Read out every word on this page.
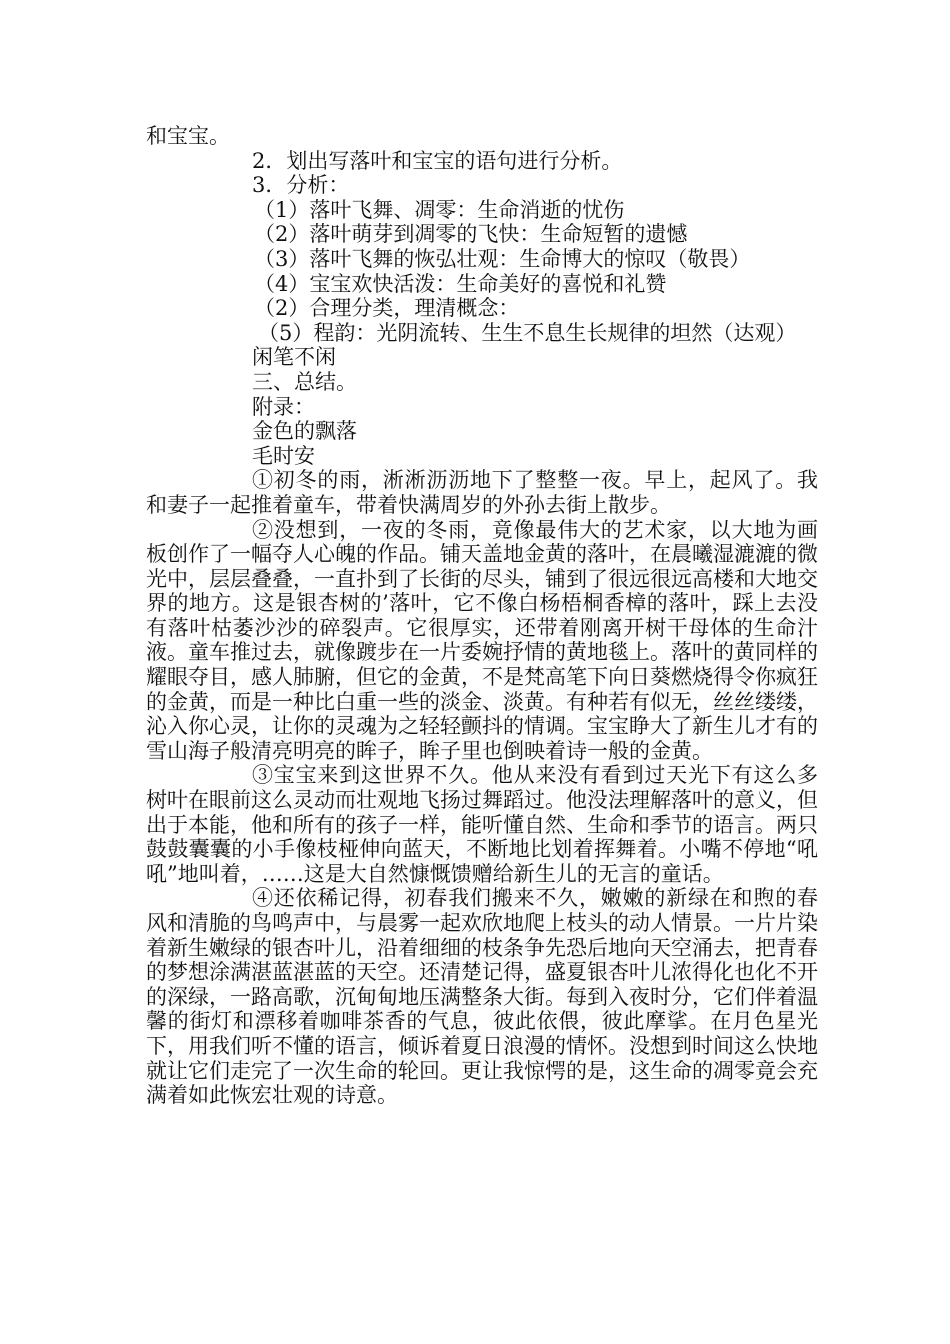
和宝宝。
2．划出写落叶和宝宝的语句进行分析。
3．分析：
（1）落叶飞舞、凋零：生命消逝的忧伤
（2）落叶萌芽到凋零的飞快：生命短暂的遗憾
（3）落叶飞舞的恢弘壮观：生命博大的惊叹（敬畏）
（4）宝宝欢快活泼：生命美好的喜悦和礼赞
（2）合理分类，理清概念：
（5）程韵：光阴流转、生生不息生长规律的坦然（达观）
闲笔不闲
三、总结。
附录：
金色的飘落
毛时安
①初冬的雨，淅淅沥沥地下了整整一夜。早上，起风了。我和妻子一起推着童车，带着快满周岁的外孙去街上散步。
②没想到，一夜的冬雨，竟像最伟大的艺术家，以大地为画板创作了一幅夺人心魄的作品。铺天盖地金黄的落叶，在晨曦湿漉漉的微光中，层层叠叠，一直扑到了长街的尽头，铺到了很远很远高楼和大地交界的地方。这是银杏树的’落叶，它不像白杨梧桐香樟的落叶，踩上去没有落叶枯萎沙沙的碎裂声。它很厚实，还带着刚离开树干母体的生命汁液。童车推过去，就像踱步在一片委婉抒情的黄地毯上。落叶的黄同样的耀眼夺目，感人肺腑，但它的金黄，不是梵高笔下向日葵燃烧得令你疯狂的金黄，而是一种比白重一些的淡金、淡黄。有种若有似无，丝丝缕缕，沁入你心灵，让你的灵魂为之轻轻颤抖的情调。宝宝睁大了新生儿才有的雪山海子般清亮明亮的眸子，眸子里也倒映着诗一般的金黄。
③宝宝来到这世界不久。他从来没有看到过天光下有这么多树叶在眼前这么灵动而壮观地飞扬过舞蹈过。他没法理解落叶的意义，但出于本能，他和所有的孩子一样，能听懂自然、生命和季节的语言。两只鼓鼓囊囊的小手像枝桠伸向蓝天，不断地比划着挥舞着。小嘴不停地“吼吼”地叫着，……这是大自然慷慨馈赠给新生儿的无言的童话。
④还依稀记得，初春我们搬来不久，嫩嫩的新绿在和煦的春风和清脆的鸟鸣声中，与晨雾一起欢欣地爬上枝头的动人情景。一片片染着新生嫩绿的银杏叶儿，沿着细细的枝条争先恐后地向天空涌去，把青春的梦想涂满湛蓝湛蓝的天空。还清楚记得，盛夏银杏叶儿浓得化也化不开的深绿，一路高歌，沉甸甸地压满整条大街。每到入夜时分，它们伴着温馨的街灯和漂移着咖啡茶香的气息，彼此依偎，彼此摩挲。在月色星光下，用我们听不懂的语言，倾诉着夏日浪漫的情怀。没想到时间这么快地就让它们走完了一次生命的轮回。更让我惊愕的是，这生命的凋零竟会充满着如此恢宏壮观的诗意。
